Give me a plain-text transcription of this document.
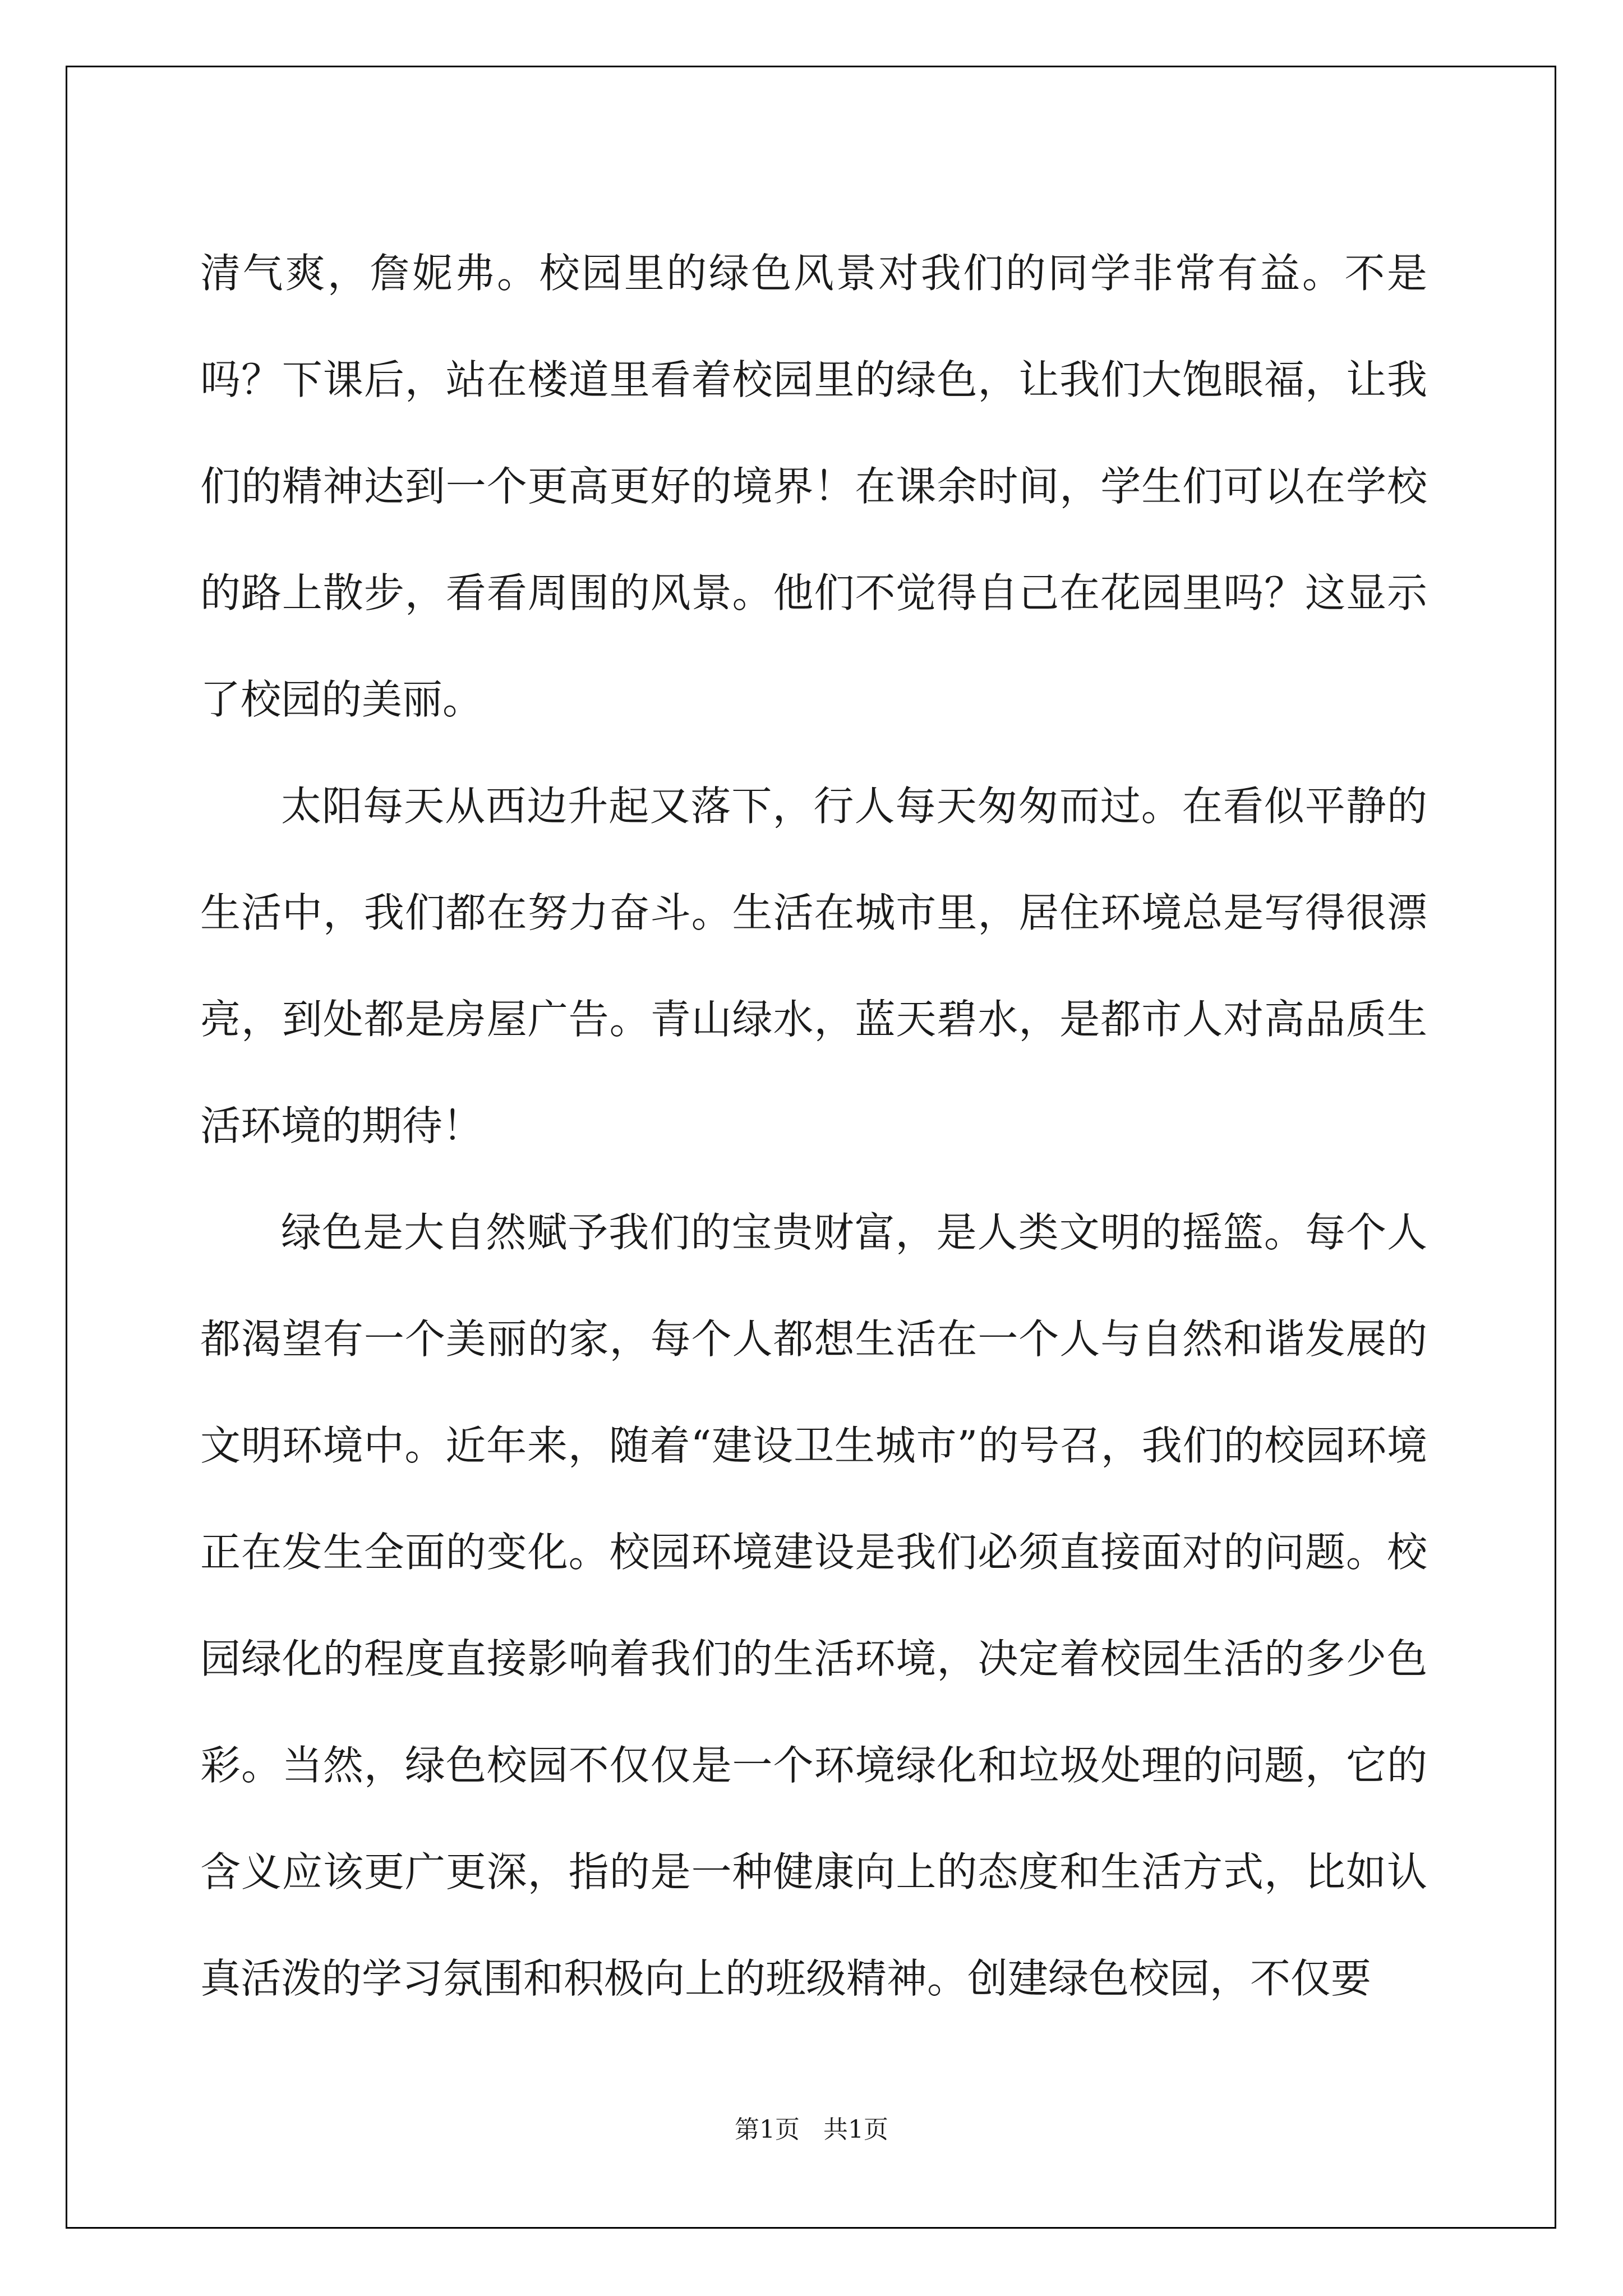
清气爽，詹妮弗。校园里的绿色风景对我们的同学非常有益。不是吗？下课后，站在楼道里看着校园里的绿色，让我们大饱眼福，让我们的精神达到一个更高更好的境界！在课余时间，学生们可以在学校的路上散步，看看周围的风景。他们不觉得自己在花园里吗？这显示了校园的美丽。

太阳每天从西边升起又落下，行人每天匆匆而过。在看似平静的生活中，我们都在努力奋斗。生活在城市里，居住环境总是写得很漂亮，到处都是房屋广告。青山绿水，蓝天碧水，是都市人对高品质生活环境的期待！

绿色是大自然赋予我们的宝贵财富，是人类文明的摇篮。每个人都渴望有一个美丽的家，每个人都想生活在一个人与自然和谐发展的文明环境中。近年来，随着“建设卫生城市”的号召，我们的校园环境正在发生全面的变化。校园环境建设是我们必须直接面对的问题。校园绿化的程度直接影响着我们的生活环境，决定着校园生活的多少色彩。当然，绿色校园不仅仅是一个环境绿化和垃圾处理的问题，它的含义应该更广更深，指的是一种健康向上的态度和生活方式，比如认真活泼的学习氛围和积极向上的班级精神。创建绿色校园，不仅要

第1页   共1页
